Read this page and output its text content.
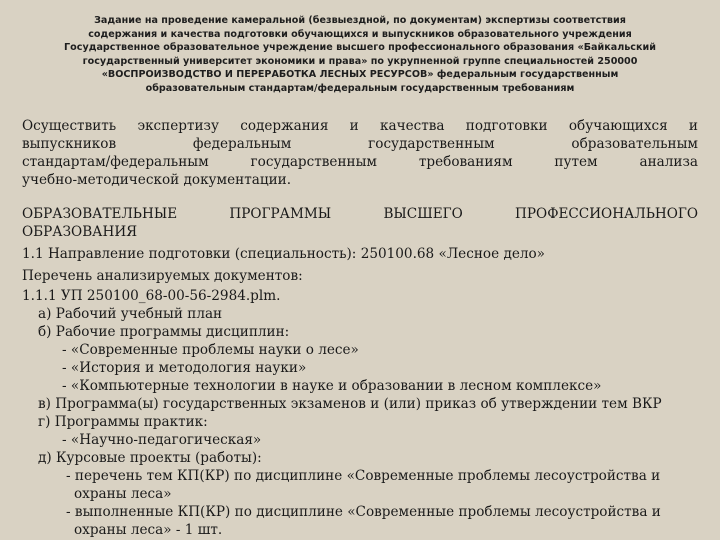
Задание на проведение камеральной (безвыездной, по документам) экспертизы соответствия
содержания и качества подготовки обучающихся и выпускников образовательного учреждения
Государственное образовательное учреждение высшего профессионального образования «Байкальский
государственный университет экономики и права» по укрупненной группе специальностей 250000
«ВОСПРОИЗВОДСТВО И ПЕРЕРАБОТКА ЛЕСНЫХ РЕСУРСОВ» федеральным государственным
образовательным стандартам/федеральным государственным требованиям
Осуществить экспертизу содержания и качества подготовки обучающихся и
выпускников федеральным государственным образовательным
стандартам/федеральным государственным требованиям путем анализа
учебно-методической документации.
ОБРАЗОВАТЕЛЬНЫЕ ПРОГРАММЫ ВЫСШЕГО ПРОФЕССИОНАЛЬНОГО
ОБРАЗОВАНИЯ
1.1 Направление подготовки (специальность): 250100.68 «Лесное дело»
Перечень анализируемых документов:
1.1.1 УП 250100_68-00-56-2984.plm.
а) Рабочий учебный план
б) Рабочие программы дисциплин:
- «Современные проблемы науки о лесе»
- «История и методология науки»
- «Компьютерные технологии в науке и образовании в лесном комплексе»
в) Программа(ы) государственных экзаменов и (или) приказ об утверждении тем ВКР
г) Программы практик:
- «Научно-педагогическая»
д) Курсовые проекты (работы):
- перечень тем КП(КР) по дисциплине «Современные проблемы лесоустройства и
охраны леса»
- выполненные КП(КР) по дисциплине «Современные проблемы лесоустройства и
охраны леса» - 1 шт.
